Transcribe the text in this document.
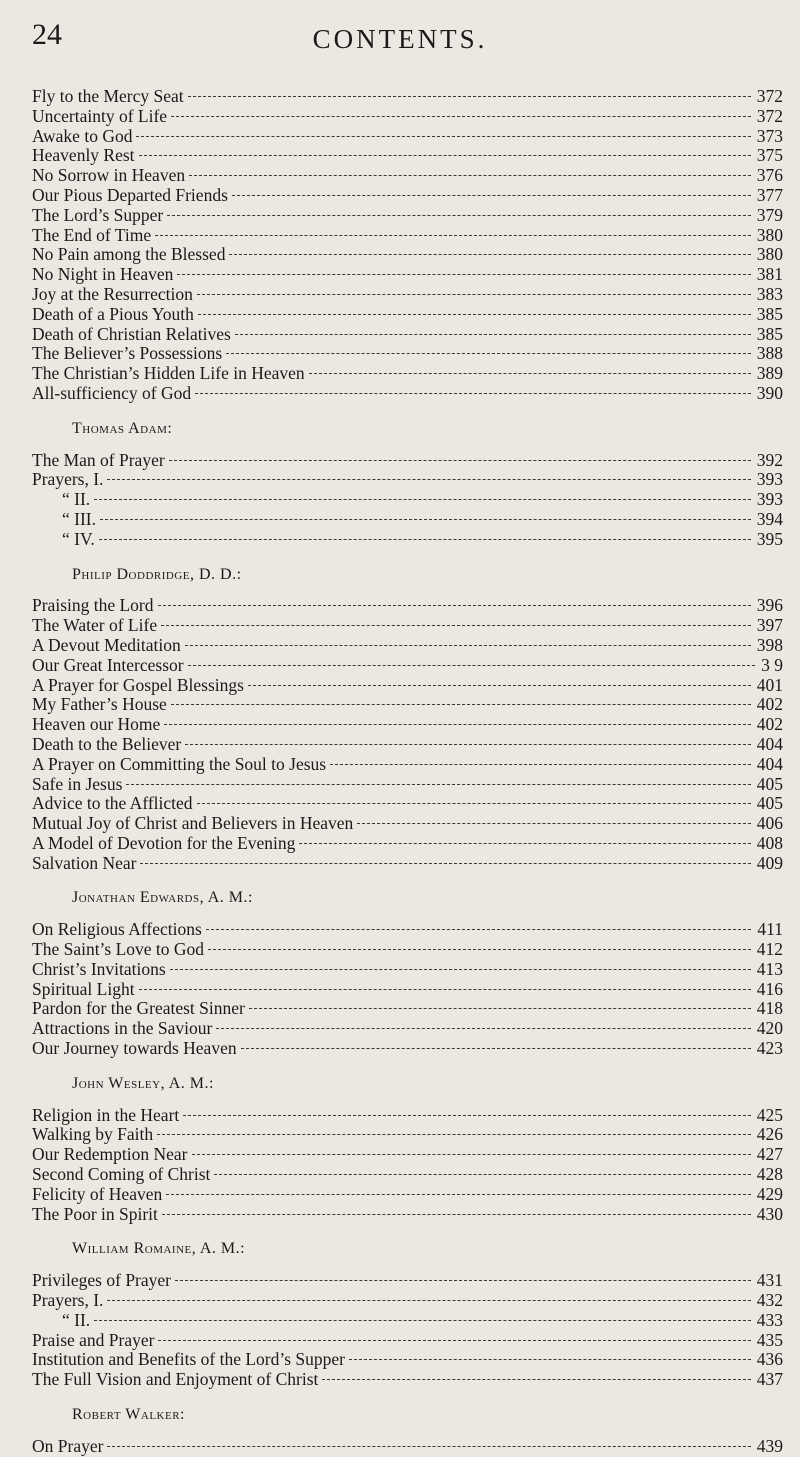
24	CONTENTS.
Fly to the Mercy Seat	372
Uncertainty of Life	372
Awake to God	373
Heavenly Rest	375
No Sorrow in Heaven	376
Our Pious Departed Friends	377
The Lord’s Supper	379
The End of Time	380
No Pain among the Blessed	380
No Night in Heaven	381
Joy at the Resurrection	383
Death of a Pious Youth	385
Death of Christian Relatives	385
The Believer’s Possessions	388
The Christian’s Hidden Life in Heaven	389
All-sufficiency of God	390
Thomas Adam:
The Man of Prayer	392
Prayers, I.	393
“ II.	393
“ III.	394
“ IV.	395
Philip Doddridge, D. D.:
Praising the Lord	396
The Water of Life	397
A Devout Meditation	398
Our Great Intercessor	3 9
A Prayer for Gospel Blessings	401
My Father’s House	402
Heaven our Home	402
Death to the Believer	404
A Prayer on Committing the Soul to Jesus	404
Safe in Jesus	405
Advice to the Afflicted	405
Mutual Joy of Christ and Believers in Heaven	406
A Model of Devotion for the Evening	408
Salvation Near	409
Jonathan Edwards, A. M.:
On Religious Affections	411
The Saint’s Love to God	412
Christ’s Invitations	413
Spiritual Light	416
Pardon for the Greatest Sinner	418
Attractions in the Saviour	420
Our Journey towards Heaven	423
John Wesley, A. M.:
Religion in the Heart	425
Walking by Faith	426
Our Redemption Near	427
Second Coming of Christ	428
Felicity of Heaven	429
The Poor in Spirit	430
William Romaine, A. M.:
Privileges of Prayer	431
Prayers, I.	432
“ II.	433
Praise and Prayer	435
Institution and Benefits of the Lord’s Supper	436
The Full Vision and Enjoyment of Christ	437
Robert Walker:
On Prayer	439
